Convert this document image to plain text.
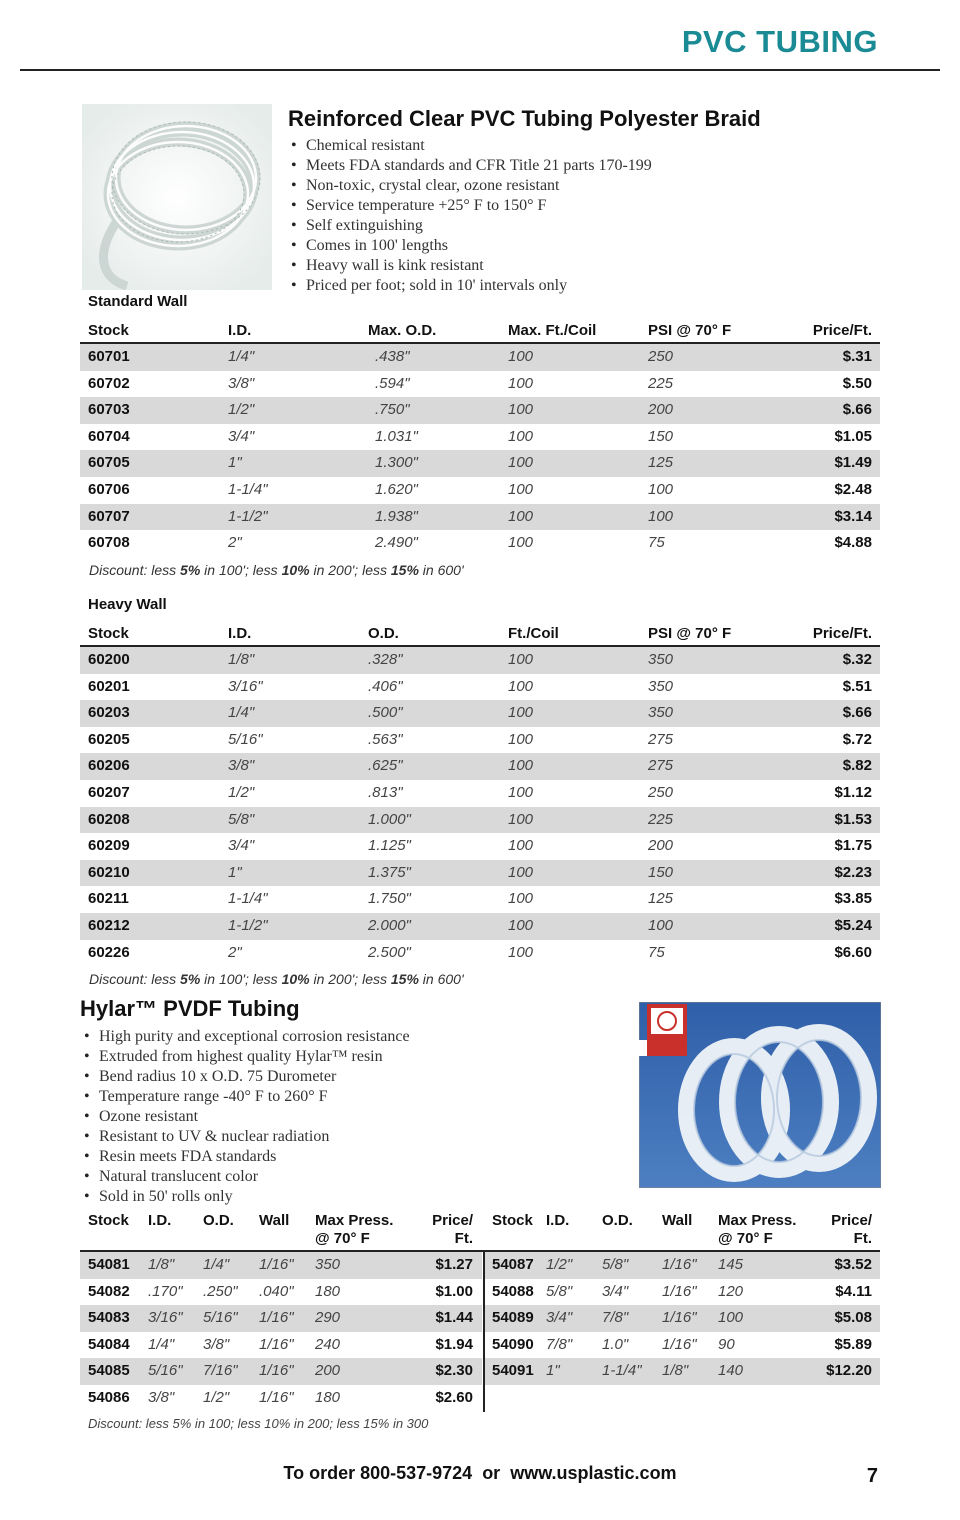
PVC TUBING
Reinforced Clear PVC Tubing Polyester Braid
• Chemical resistant
• Meets FDA standards and CFR Title 21 parts 170-199
• Non-toxic, crystal clear, ozone resistant
• Service temperature +25° F to 150° F
• Self extinguishing
• Comes in 100' lengths
• Heavy wall is kink resistant
• Priced per foot; sold in 10' intervals only
Standard Wall
Stock	I.D.	Max. O.D.	Max. Ft./Coil	PSI @ 70° F	Price/Ft.
60701	1/4"	.438"	100	250	$.31
60702	3/8"	.594"	100	225	$.50
60703	1/2"	.750"	100	200	$.66
60704	3/4"	1.031"	100	150	$1.05
60705	1"	1.300"	100	125	$1.49
60706	1-1/4"	1.620"	100	100	$2.48
60707	1-1/2"	1.938"	100	100	$3.14
60708	2"	2.490"	100	75	$4.88
Discount: less 5% in 100'; less 10% in 200'; less 15% in 600'
Heavy Wall
Stock	I.D.	O.D.	Ft./Coil	PSI @ 70° F	Price/Ft.
60200	1/8"	.328"	100	350	$.32
60201	3/16"	.406"	100	350	$.51
60203	1/4"	.500"	100	350	$.66
60205	5/16"	.563"	100	275	$.72
60206	3/8"	.625"	100	275	$.82
60207	1/2"	.813"	100	250	$1.12
60208	5/8"	1.000"	100	225	$1.53
60209	3/4"	1.125"	100	200	$1.75
60210	1"	1.375"	100	150	$2.23
60211	1-1/4"	1.750"	100	125	$3.85
60212	1-1/2"	2.000"	100	100	$5.24
60226	2"	2.500"	100	75	$6.60
Discount: less 5% in 100'; less 10% in 200'; less 15% in 600'
Hylar™ PVDF Tubing
• High purity and exceptional corrosion resistance
• Extruded from highest quality Hylar™ resin
• Bend radius 10 x O.D. 75 Durometer
• Temperature range -40° F to 260° F
• Ozone resistant
• Resistant to UV & nuclear radiation
• Resin meets FDA standards
• Natural translucent color
• Sold in 50' rolls only
Stock I.D. O.D. Wall Max Press.
@ 70° F
Price/
Ft.
Stock I.D. O.D. Wall Max Press.
@ 70° F
Price/
Ft.
54081 1/8" 1/4" 1/16" 350	$1.27 54087 1/2" 5/8" 1/16" 145	$3.52
54082 .170" .250" .040" 180	$1.00 54088 5/8" 3/4" 1/16" 120	$4.11
54083 3/16" 5/16" 1/16" 290	$1.44 54089 3/4" 7/8" 1/16" 100	$5.08
54084 1/4" 3/8" 1/16" 240	$1.94 54090 7/8" 1.0" 1/16" 90	$5.89
54085 5/16" 7/16" 1/16" 200	$2.30 54091 1"	1-1/4" 1/8" 140	$12.20
54086 3/8" 1/2" 1/16" 180	$2.60
Discount: less 5% in 100; less 10% in 200; less 15% in 300
To order 800-537-9724 or www.usplastic.com	7
